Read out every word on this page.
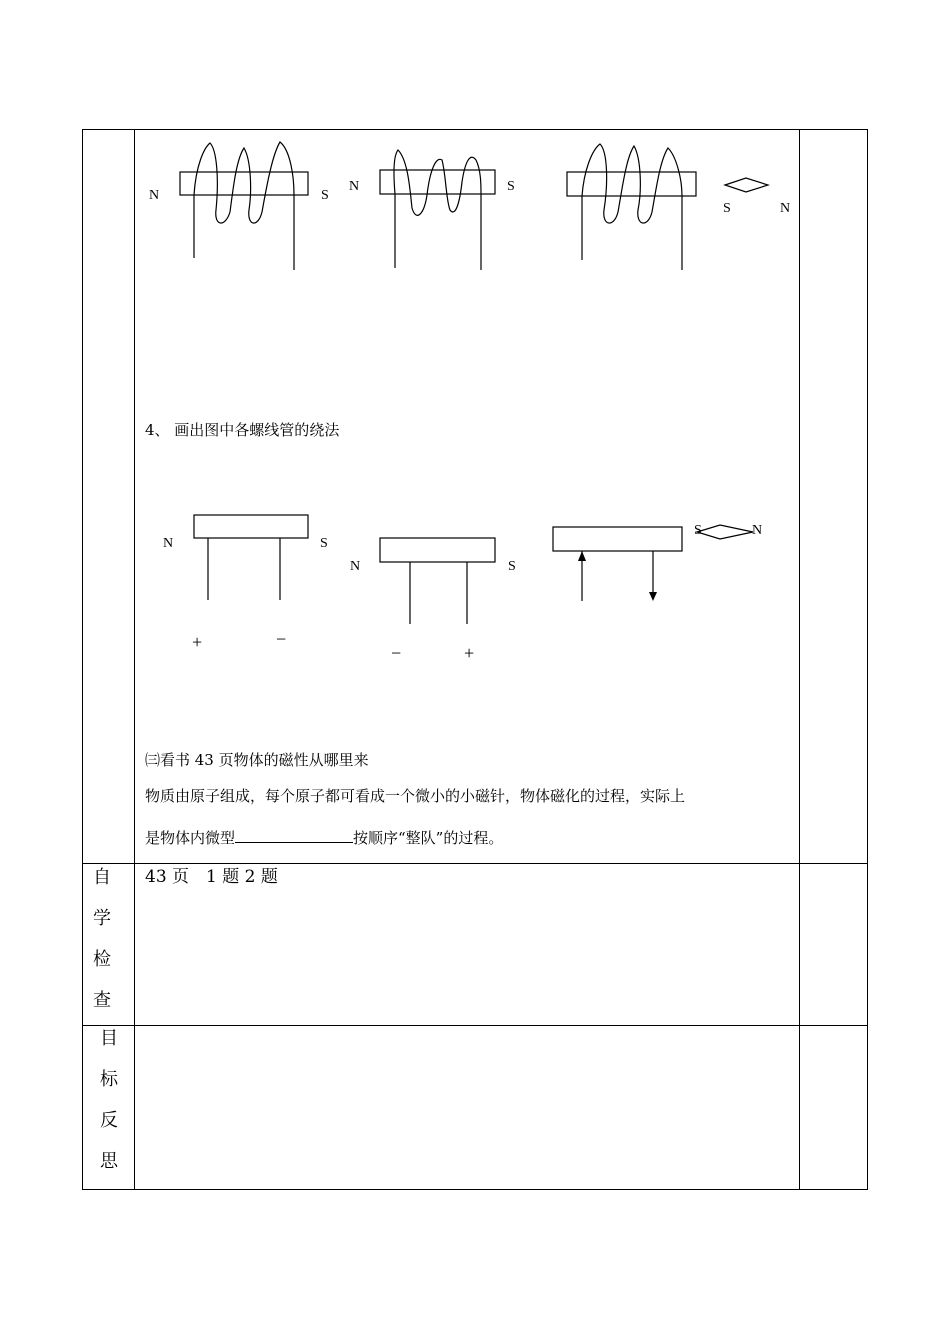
N	S
N	S
S	N
4、 画出图中各螺线管的绕法
N	S
N	S
S	N
+	−
−	+
㈢看书 43 页物体的磁性从哪里来
物质由原子组成，每个原子都可看成一个微小的小磁针，物体磁化的过程，实际上
是物体内微型	按顺序“整队”的过程。
自
学
检
查
43 页　1 题 2 题
目
标
反
思
